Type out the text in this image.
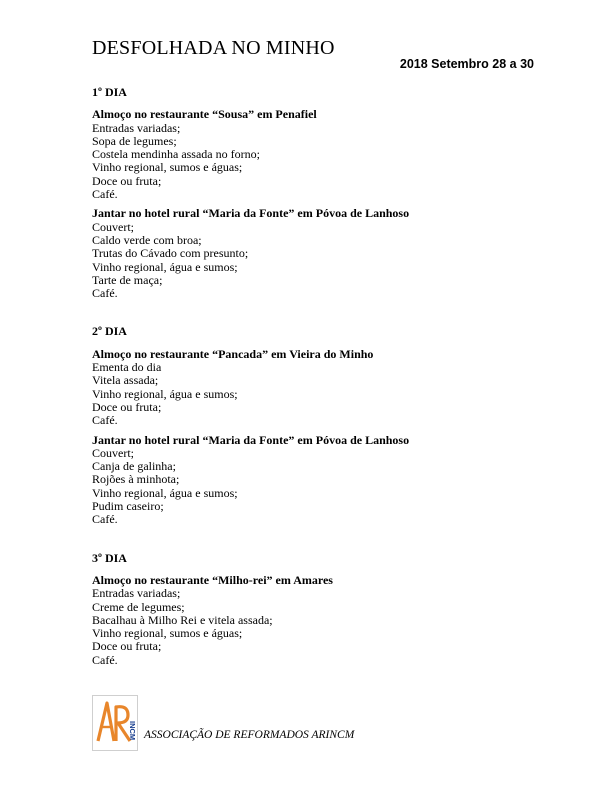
DESFOLHADA NO MINHO
2018 Setembro 28 a 30
1º DIA
Almoço no restaurante “Sousa” em Penafiel
Entradas variadas;
Sopa de legumes;
Costela mendinha assada no forno;
Vinho regional, sumos e águas;
Doce ou fruta;
Café.
Jantar no hotel rural “Maria da Fonte” em Póvoa de Lanhoso
Couvert;
Caldo verde com broa;
Trutas do Cávado com presunto;
Vinho regional, água e sumos;
Tarte de maça;
Café.
2º DIA
Almoço no restaurante “Pancada” em Vieira do Minho
Ementa do dia
Vitela assada;
Vinho regional, água e sumos;
Doce ou fruta;
Café.
Jantar no hotel rural “Maria da Fonte” em Póvoa de Lanhoso
Couvert;
Canja de galinha;
Rojões à minhota;
Vinho regional, água e sumos;
Pudim caseiro;
Café.
3º DIA
Almoço no restaurante “Milho-rei” em Amares
Entradas variadas;
Creme de legumes;
Bacalhau à Milho Rei e vitela assada;
Vinho regional, sumos e águas;
Doce ou fruta;
Café.
INCM ASSOCIAÇÃO DE REFORMADOS ARINCM
